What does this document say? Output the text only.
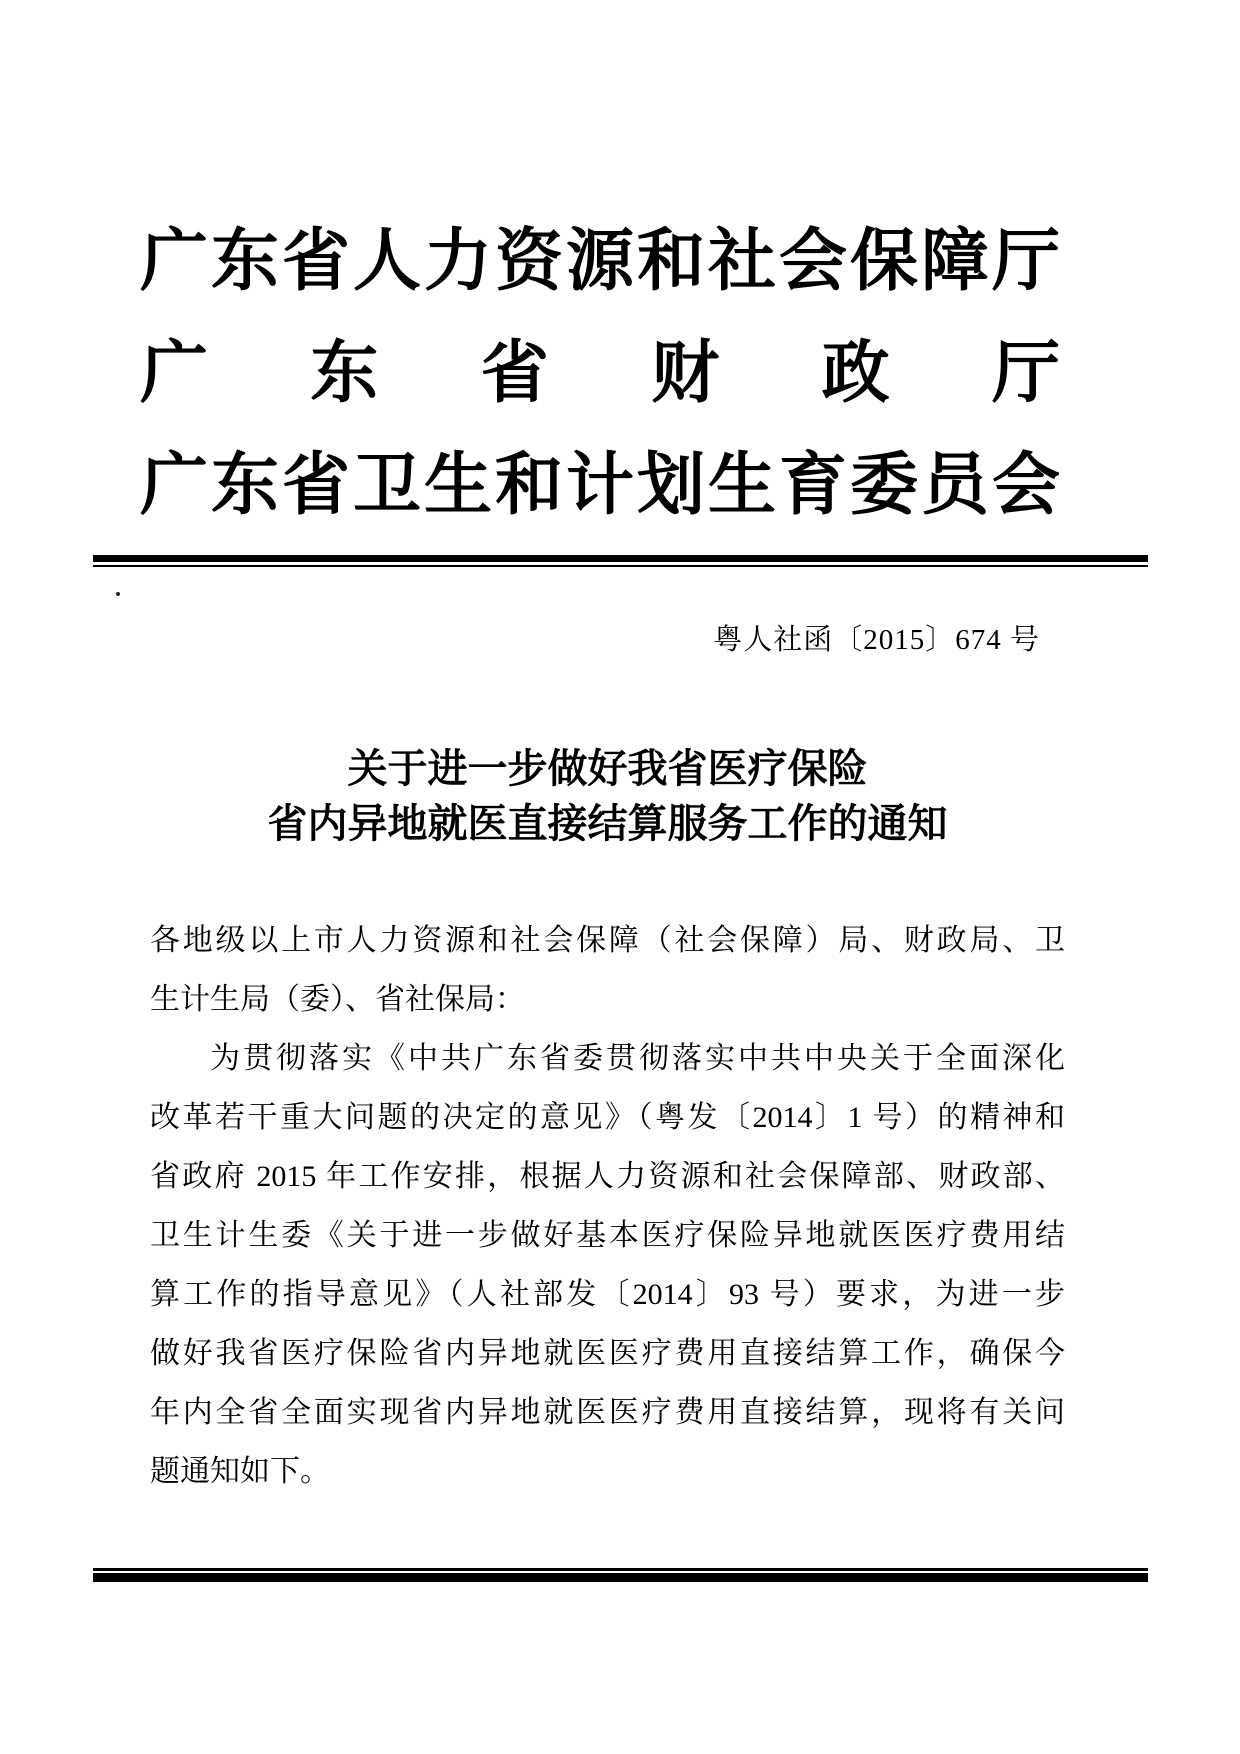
广东省人力资源和社会保障厅
广东省财政厅
广东省卫生和计划生育委员会
粤人社函〔2015〕674 号
关于进一步做好我省医疗保险
省内异地就医直接结算服务工作的通知
各地级以上市人力资源和社会保障（社会保障）局、财政局、卫
生计生局（委）、省社保局：
为贯彻落实《中共广东省委贯彻落实中共中央关于全面深化
改革若干重大问题的决定的意见》（粤发〔2014〕1 号）的精神和
省政府 2015 年工作安排，根据人力资源和社会保障部、财政部、
卫生计生委《关于进一步做好基本医疗保险异地就医医疗费用结
算工作的指导意见》（人社部发〔2014〕93 号）要求，为进一步
做好我省医疗保险省内异地就医医疗费用直接结算工作，确保今
年内全省全面实现省内异地就医医疗费用直接结算，现将有关问
题通知如下。
